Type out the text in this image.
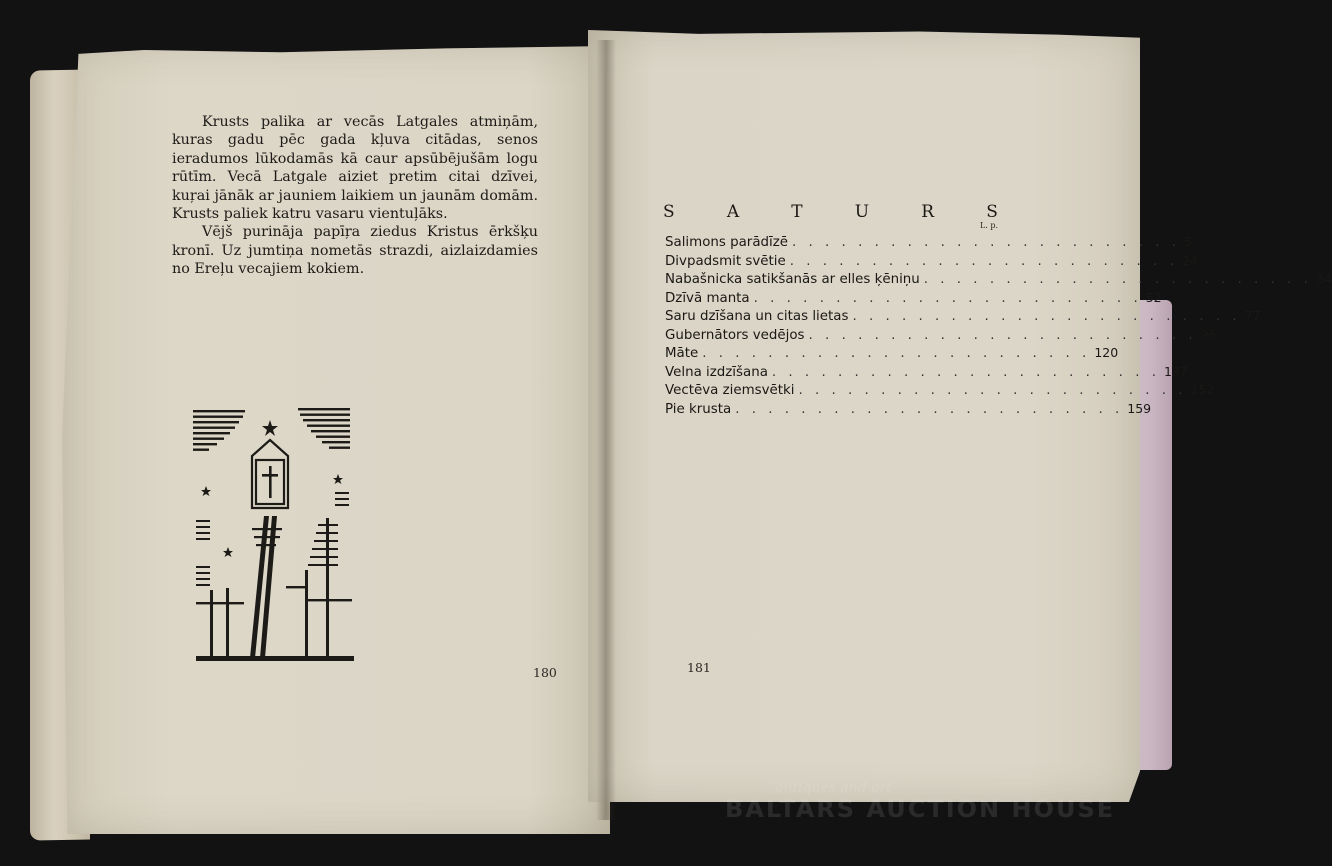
Krusts palika ar vecās Latgales atmiņām, kuras gadu pēc gada kļuva citādas, senos ieradumos lūkodamās kā caur apsūbējušām logu rūtīm. Vecā Latgale aiziet pretim citai dzīvei, kuŗai jānāk ar jauniem laikiem un jaunām domām. Krusts paliek katru vasaru vientuļāks.

Vējš purināja papīŗa ziedus Kristus ērkšķu kronī. Uz jumtiņa nometās strazdi, aizlaizdamies no Ereļu vecajiem kokiem.

180
S	A	T	U	R	S
L. p.
Salimons parādīzē . . . . . . . . . . . . . . . . . . . . . . . . 5
Divpadsmit svētie . . . . . . . . . . . . . . . . . . . . . . . . 24
Nabašnicka satikšanās ar elles ķēniņu . . . . . . . . . . . . . . . . . . . . . . . . 34
Dzīvā manta . . . . . . . . . . . . . . . . . . . . . . . . 52
Saru dzīšana un citas lietas . . . . . . . . . . . . . . . . . . . . . . . . 77
Gubernātors vedējos . . . . . . . . . . . . . . . . . . . . . . . . 96
Māte . . . . . . . . . . . . . . . . . . . . . . . . 120
Velna izdzīšana . . . . . . . . . . . . . . . . . . . . . . . . 137
Vectēva ziemsvētki . . . . . . . . . . . . . . . . . . . . . . . . 152
Pie krusta . . . . . . . . . . . . . . . . . . . . . . . . 159
181
antiques and art
BALTARS AUCTION HOUSE
